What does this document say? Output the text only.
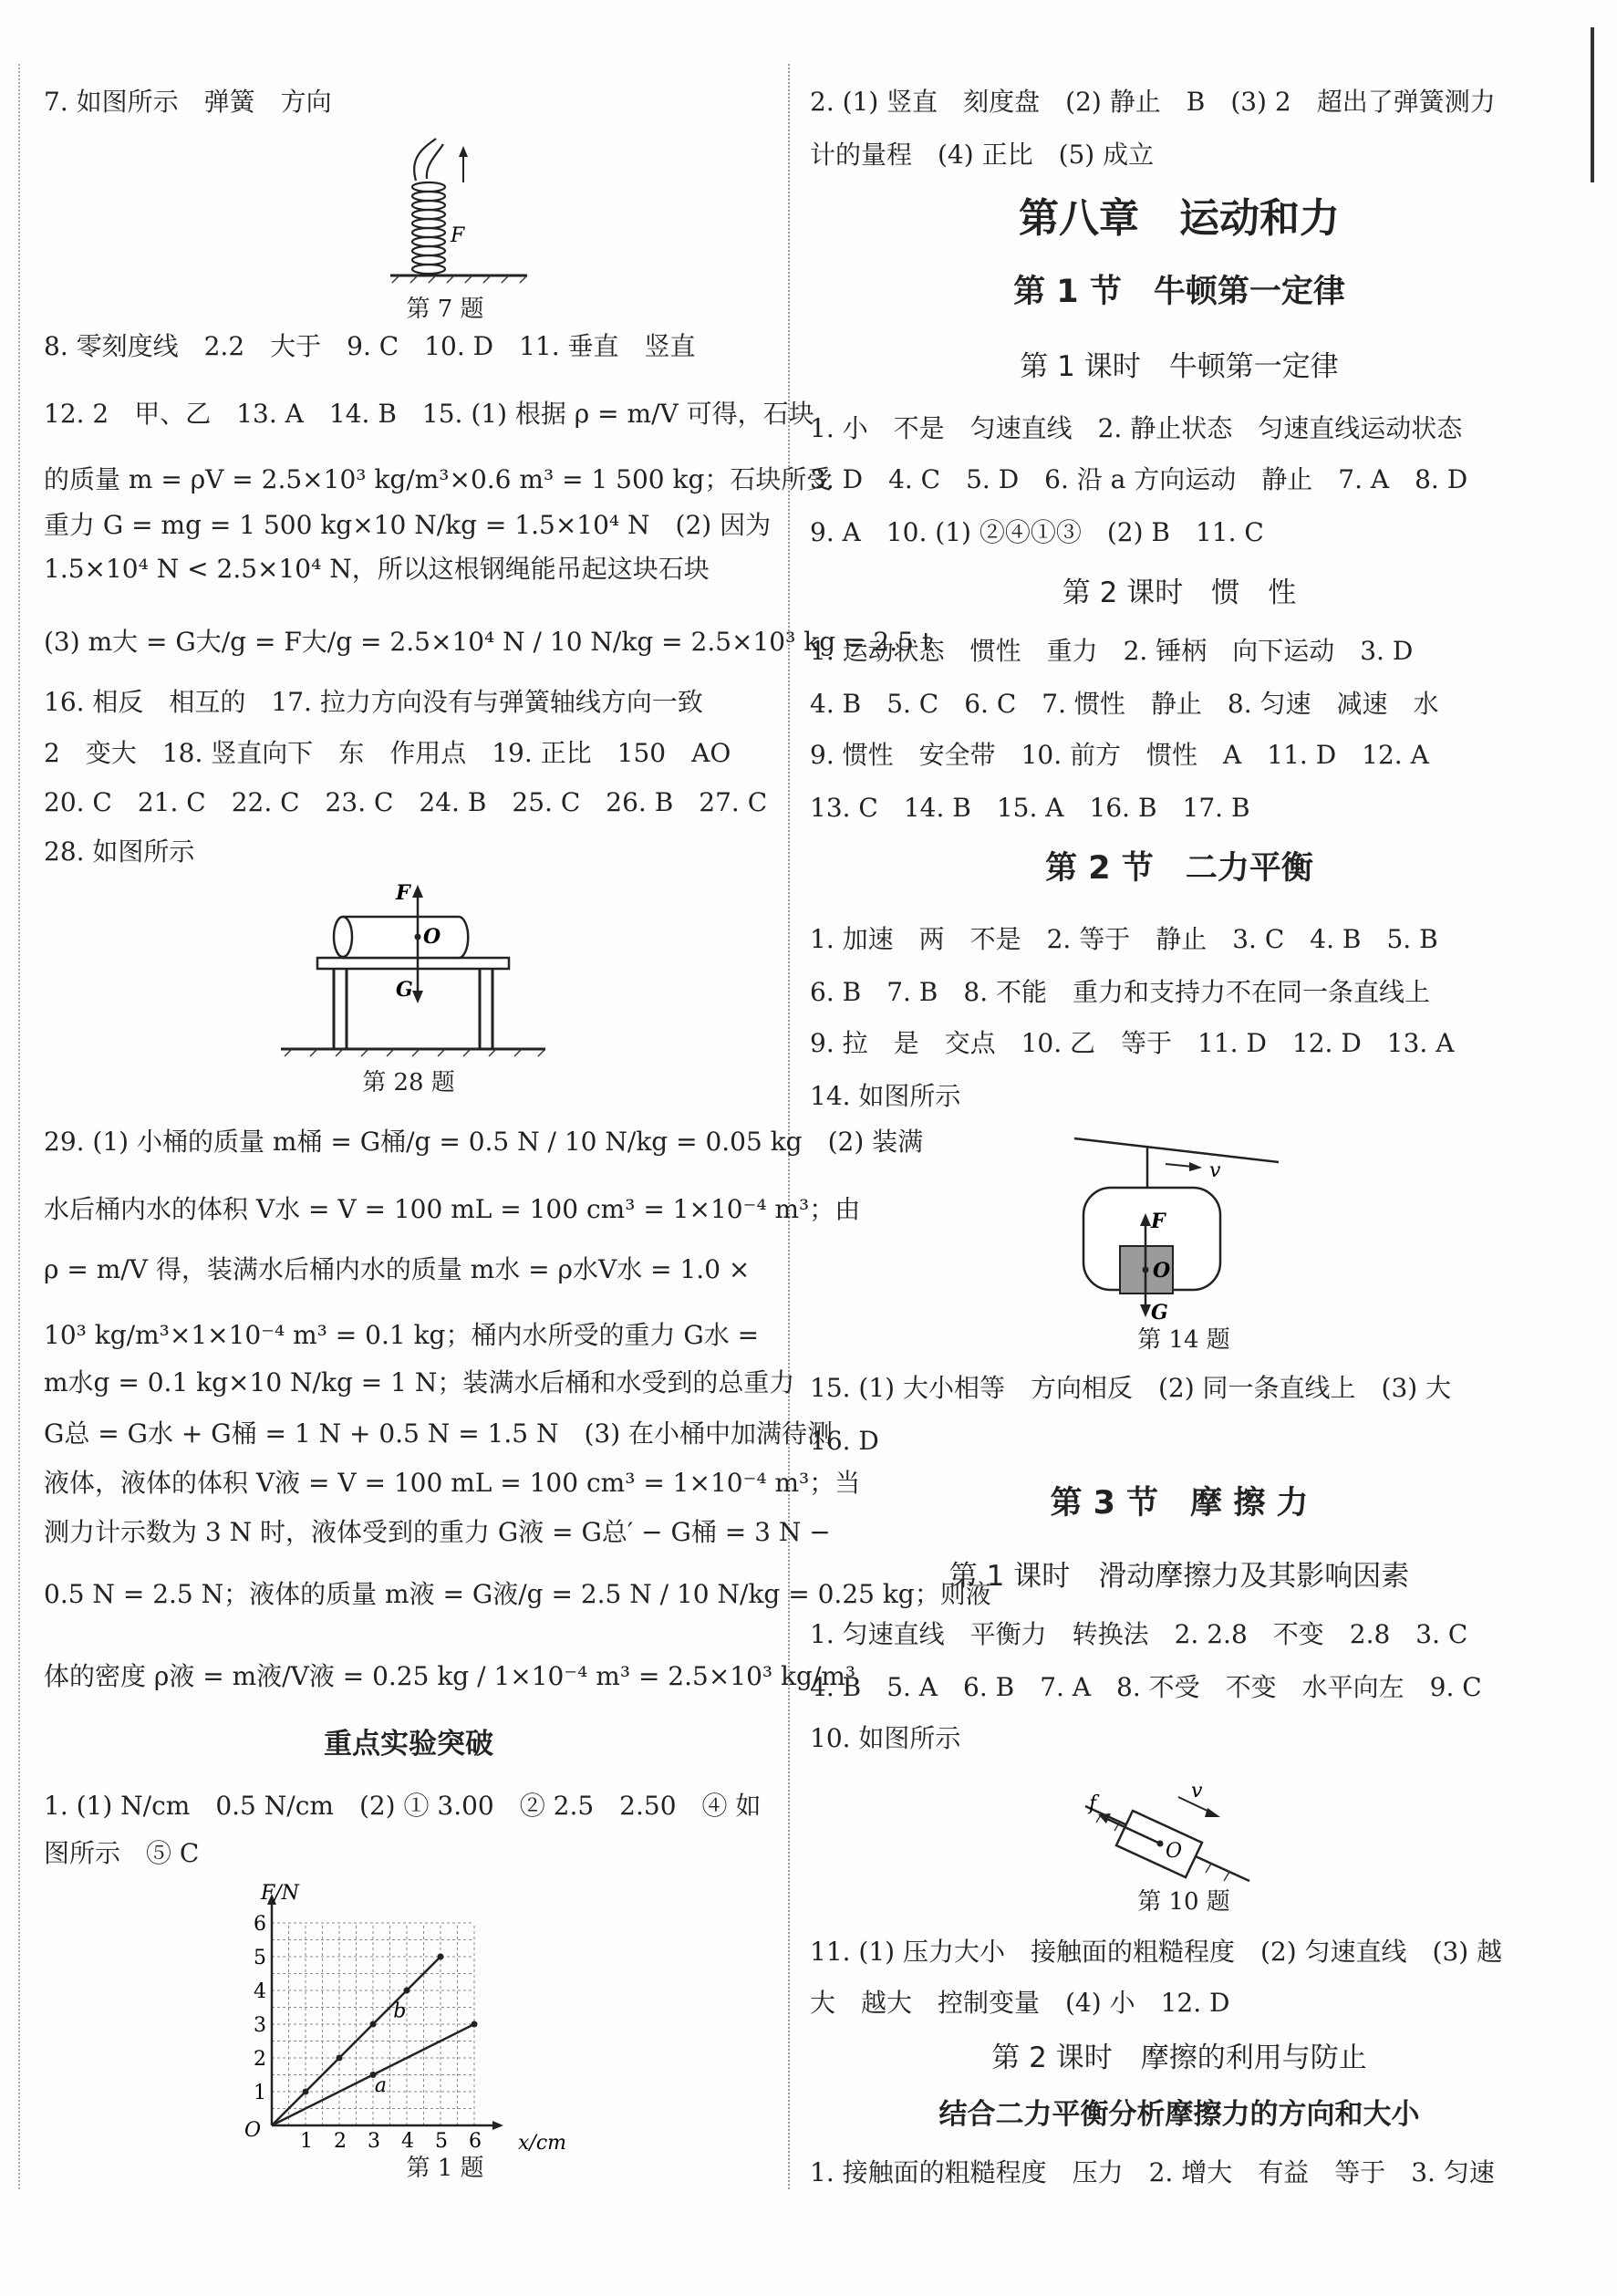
7. 如图所示　弹簧　方向
F
第 7 题
8. 零刻度线　2.2　大于　9. C　10. D　11. 垂直　竖直
12. 2　甲、乙　13. A　14. B　15. (1) 根据 ρ = m/V 可得，石块
的质量 m = ρV = 2.5×10³ kg/m³×0.6 m³ = 1 500 kg；石块所受
重力 G = mg = 1 500 kg×10 N/kg = 1.5×10⁴ N　(2) 因为
1.5×10⁴ N < 2.5×10⁴ N，所以这根钢绳能吊起这块石块
(3) m大 = G大/g = F大/g = 2.5×10⁴ N / 10 N/kg = 2.5×10³ kg = 2.5 t
16. 相反　相互的　17. 拉力方向没有与弹簧轴线方向一致
2　变大　18. 竖直向下　东　作用点　19. 正比　150　AO
20. C　21. C　22. C　23. C　24. B　25. C　26. B　27. C
28. 如图所示
F
O
G
第 28 题
29. (1) 小桶的质量 m桶 = G桶/g = 0.5 N / 10 N/kg = 0.05 kg　(2) 装满
水后桶内水的体积 V水 = V = 100 mL = 100 cm³ = 1×10⁻⁴ m³；由
ρ = m/V 得，装满水后桶内水的质量 m水 = ρ水V水 = 1.0 ×
10³ kg/m³×1×10⁻⁴ m³ = 0.1 kg；桶内水所受的重力 G水 =
m水g = 0.1 kg×10 N/kg = 1 N；装满水后桶和水受到的总重力
G总 = G水 + G桶 = 1 N + 0.5 N = 1.5 N　(3) 在小桶中加满待测
液体，液体的体积 V液 = V = 100 mL = 100 cm³ = 1×10⁻⁴ m³；当
测力计示数为 3 N 时，液体受到的重力 G液 = G总′ − G桶 = 3 N −
0.5 N = 2.5 N；液体的质量 m液 = G液/g = 2.5 N / 10 N/kg = 0.25 kg；则液
体的密度 ρ液 = m液/V液 = 0.25 kg / 1×10⁻⁴ m³ = 2.5×10³ kg/m³
重点实验突破
1. (1) N/cm　0.5 N/cm　(2) ① 3.00　② 2.5　2.50　④ 如
图所示　⑤ C
1 2 3 4 5 6
1
2
3
4
5
6
F/N
x/cm
O
b
a
第 1 题
2. (1) 竖直　刻度盘　(2) 静止　B　(3) 2　超出了弹簧测力
计的量程　(4) 正比　(5) 成立
第八章　运动和力
第 1 节　牛顿第一定律
第 1 课时　牛顿第一定律
1. 小　不是　匀速直线　2. 静止状态　匀速直线运动状态
3. D　4. C　5. D　6. 沿 a 方向运动　静止　7. A　8. D
9. A　10. (1) ②④①③　(2) B　11. C
第 2 课时　惯　性
1. 运动状态　惯性　重力　2. 锤柄　向下运动　3. D
4. B　5. C　6. C　7. 惯性　静止　8. 匀速　减速　水
9. 惯性　安全带　10. 前方　惯性　A　11. D　12. A
13. C　14. B　15. A　16. B　17. B
第 2 节　二力平衡
1. 加速　两　不是　2. 等于　静止　3. C　4. B　5. B
6. B　7. B　8. 不能　重力和支持力不在同一条直线上
9. 拉　是　交点　10. 乙　等于　11. D　12. D　13. A
14. 如图所示
v
F
O
G
第 14 题
15. (1) 大小相等　方向相反　(2) 同一条直线上　(3) 大
16. D
第 3 节　摩 擦 力
第 1 课时　滑动摩擦力及其影响因素
1. 匀速直线　平衡力　转换法　2. 2.8　不变　2.8　3. C
4. B　5. A　6. B　7. A　8. 不受　不变　水平向左　9. C
10. 如图所示
f
v
O
第 10 题
11. (1) 压力大小　接触面的粗糙程度　(2) 匀速直线　(3) 越
大　越大　控制变量　(4) 小　12. D
第 2 课时　摩擦的利用与防止
结合二力平衡分析摩擦力的方向和大小
1. 接触面的粗糙程度　压力　2. 增大　有益　等于　3. 匀速
